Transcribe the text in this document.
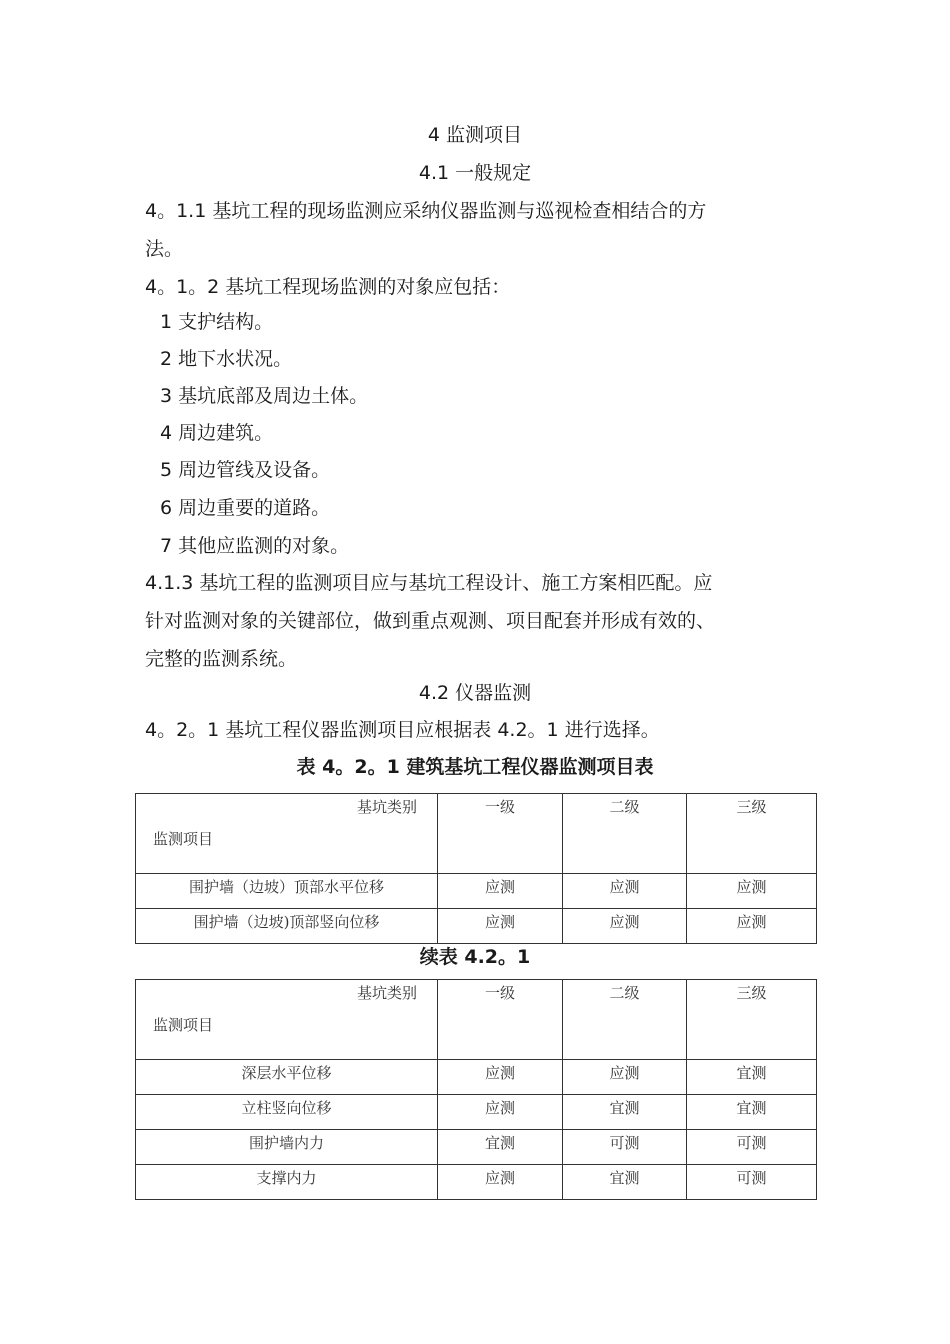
4 监测项目
4.1 一般规定
4。1.1 基坑工程的现场监测应采纳仪器监测与巡视检查相结合的方
法。
4。1。2 基坑工程现场监测的对象应包括：
1 支护结构。
2 地下水状况。
3 基坑底部及周边土体。
4 周边建筑。
5 周边管线及设备。
6 周边重要的道路。
7 其他应监测的对象。
4.1.3 基坑工程的监测项目应与基坑工程设计、施工方案相匹配。应
针对监测对象的关键部位，做到重点观测、项目配套并形成有效的、
完整的监测系统。
4.2 仪器监测
4。2。1 基坑工程仪器监测项目应根据表 4.2。1 进行选择。
表 4。2。1 建筑基坑工程仪器监测项目表
基坑类别
监测项目	一级	二级	三级
围护墙（边坡）顶部水平位移	应测	应测	应测
围护墙（边坡)顶部竖向位移	应测	应测	应测
续表 4.2。1
基坑类别
监测项目	一级	二级	三级
深层水平位移	应测	应测	宜测
立柱竖向位移	应测	宜测	宜测
围护墙内力	宜测	可测	可测
支撑内力	应测	宜测	可测
